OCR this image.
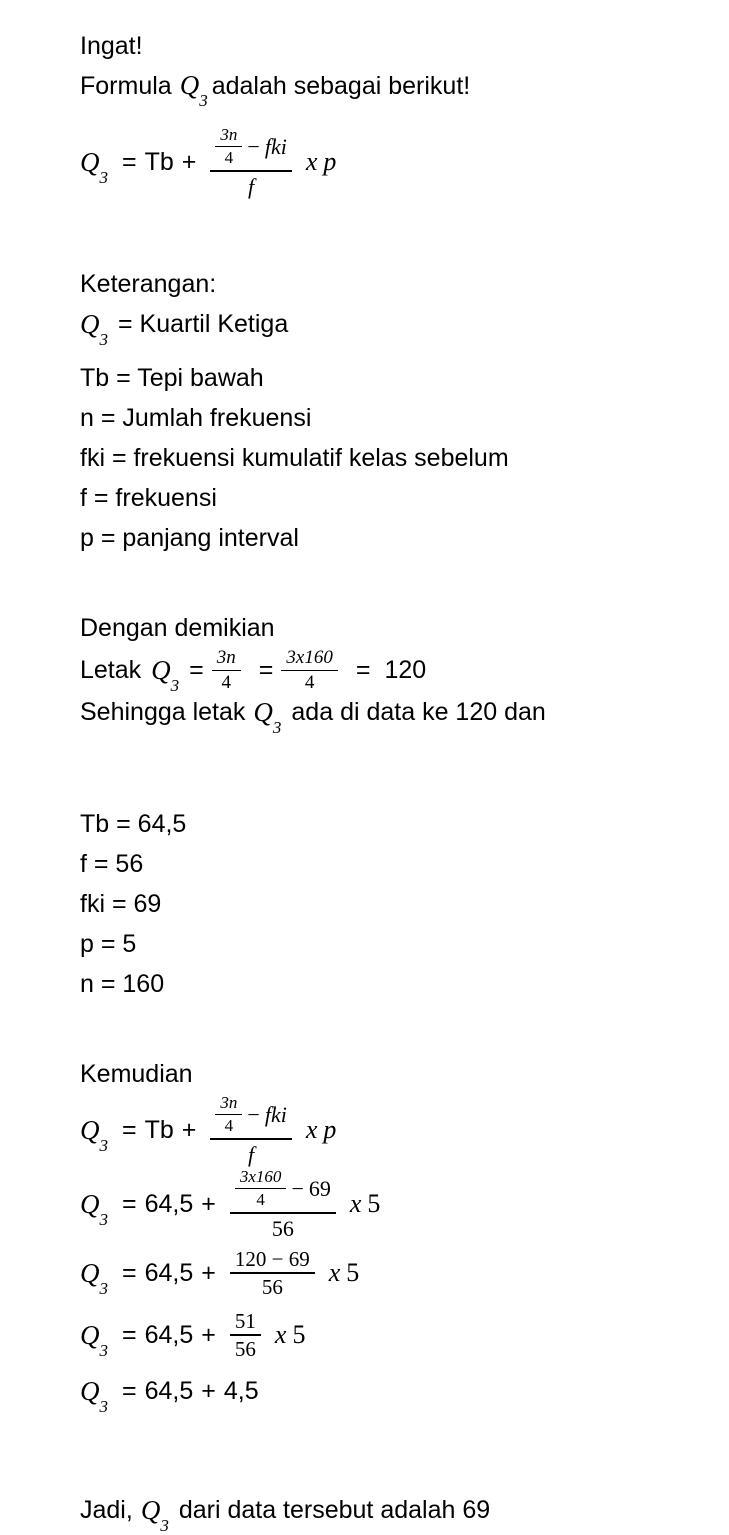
Ingat!
Formula Q3adalah sebagai berikut!
Q3
= $Tb + \frac{3n}{4}$ − fki
f
x p
Keterangan:
Q3
= Kuartil Ketiga
Tb = Tepi bawah
n = Jumlah frekuensi
fki = frekuensi kumulatif kelas sebelum
f = frekuensi
p = panjang interval
Dengan demikian
Letak Q3
= $\frac{3n}{4} = \frac{3x160}{4} = 120$
Sehingga letak Q3
ada di data ke 120 dan
Tb = 64,5
f = 56
fki = 69
p = 5
n = 160
Kemudian
Q3
= $Tb + \frac{3n}{4}$ − fki
f
x p
Q3
= $64,5 + \frac{3x160}{4} - 69$
56
x 5
Q3
= $64,5 + \frac{120 - 69}{56}$ x 5
Q3
= $64,5 + \frac{51}{56}$ x 5
Q3
= 64,5 + 4,5
Jadi, Q3
dari data tersebut adalah 69
